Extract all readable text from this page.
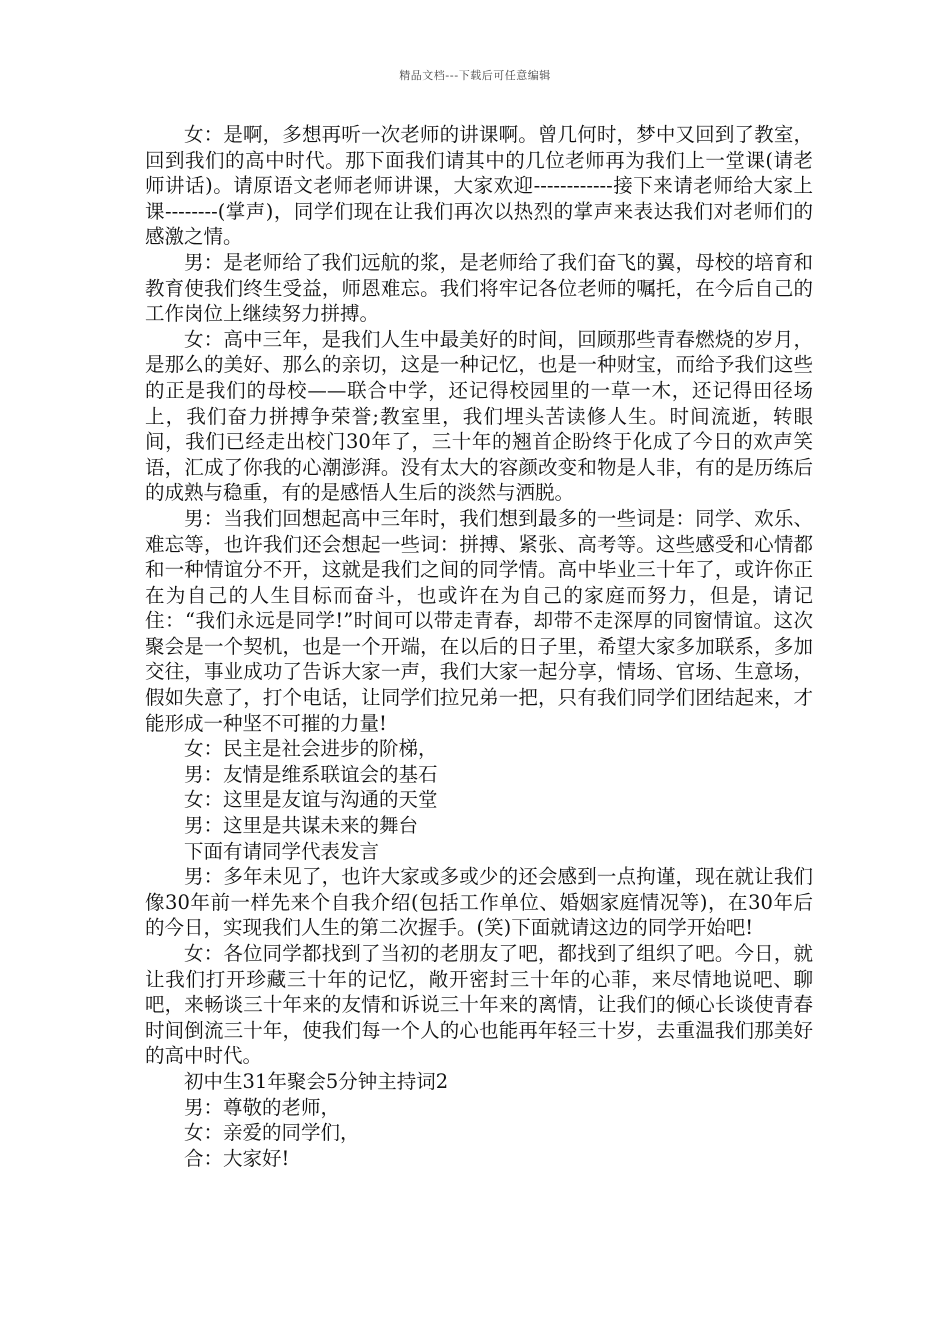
精品文档---下载后可任意编辑

女：是啊，多想再听一次老师的讲课啊。曾几何时，梦中又回到了教室，回到我们的高中时代。那下面我们请其中的几位老师再为我们上一堂课(请老师讲话)。请原语文老师老师讲课，大家欢迎------------接下来请老师给大家上课--------(掌声)，同学们现在让我们再次以热烈的掌声来表达我们对老师们的感激之情。

男：是老师给了我们远航的浆，是老师给了我们奋飞的翼，母校的培育和教育使我们终生受益，师恩难忘。我们将牢记各位老师的嘱托，在今后自己的工作岗位上继续努力拼搏。

女：高中三年，是我们人生中最美好的时间，回顾那些青春燃烧的岁月，是那么的美好、那么的亲切，这是一种记忆，也是一种财宝，而给予我们这些的正是我们的母校——联合中学，还记得校园里的一草一木，还记得田径场上，我们奋力拼搏争荣誉;教室里，我们埋头苦读修人生。时间流逝，转眼间，我们已经走出校门30年了，三十年的翘首企盼终于化成了今日的欢声笑语，汇成了你我的心潮澎湃。没有太大的容颜改变和物是人非，有的是历练后的成熟与稳重，有的是感悟人生后的淡然与洒脱。

男：当我们回想起高中三年时，我们想到最多的一些词是：同学、欢乐、难忘等，也许我们还会想起一些词：拼搏、紧张、高考等。这些感受和心情都和一种情谊分不开，这就是我们之间的同学情。高中毕业三十年了，或许你正在为自己的人生目标而奋斗，也或许在为自己的家庭而努力，但是，请记住：“我们永远是同学!”时间可以带走青春，却带不走深厚的同窗情谊。这次聚会是一个契机，也是一个开端，在以后的日子里，希望大家多加联系，多加交往，事业成功了告诉大家一声，我们大家一起分享，情场、官场、生意场，假如失意了，打个电话，让同学们拉兄弟一把，只有我们同学们团结起来，才能形成一种坚不可摧的力量!

女：民主是社会进步的阶梯，

男：友情是维系联谊会的基石

女：这里是友谊与沟通的天堂

男：这里是共谋未来的舞台

下面有请同学代表发言

男：多年未见了，也许大家或多或少的还会感到一点拘谨，现在就让我们像30年前一样先来个自我介绍(包括工作单位、婚姻家庭情况等)，在30年后的今日，实现我们人生的第二次握手。(笑)下面就请这边的同学开始吧!

女：各位同学都找到了当初的老朋友了吧，都找到了组织了吧。今日，就让我们打开珍藏三十年的记忆，敞开密封三十年的心菲，来尽情地说吧、聊吧，来畅谈三十年来的友情和诉说三十年来的离情，让我们的倾心长谈使青春时间倒流三十年，使我们每一个人的心也能再年轻三十岁，去重温我们那美好的高中时代。

初中生31年聚会5分钟主持词2

男：尊敬的老师，

女：亲爱的同学们，

合：大家好!
